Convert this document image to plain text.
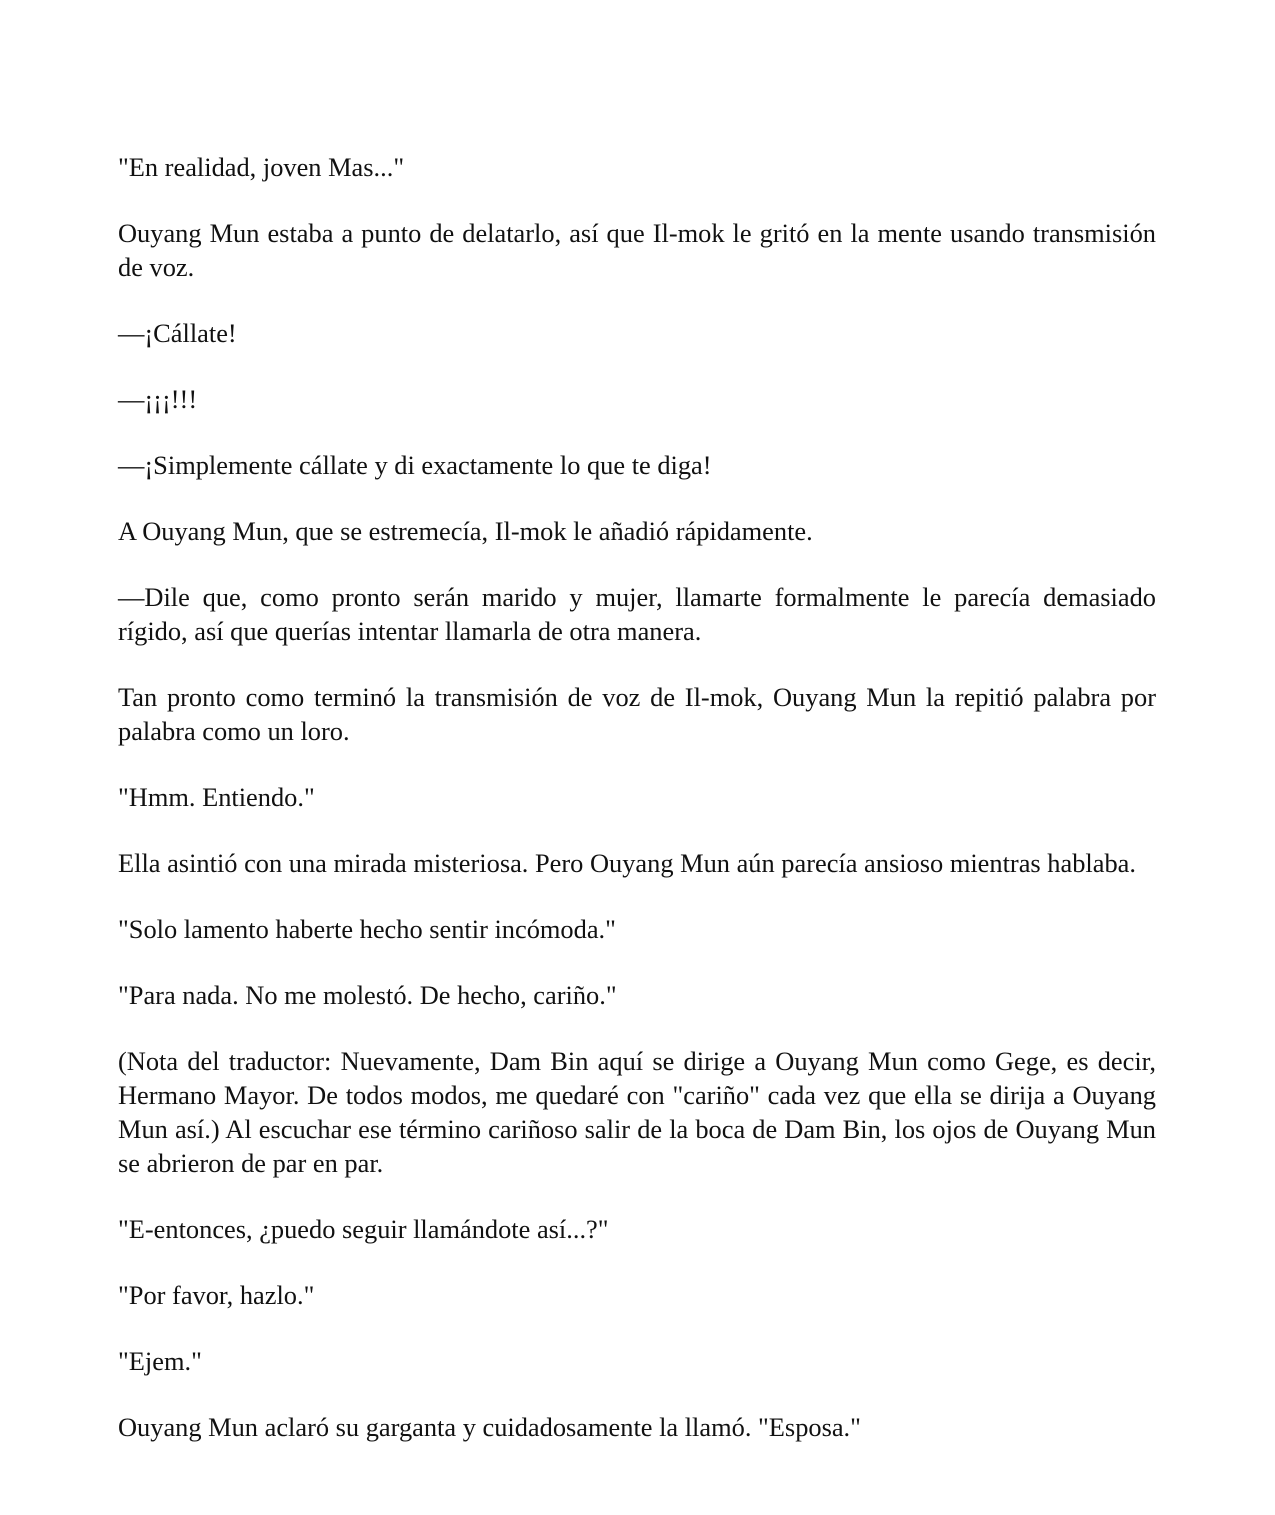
"En realidad, joven Mas..."

Ouyang Mun estaba a punto de delatarlo, así que Il-mok le gritó en la mente usando transmisión de voz.

—¡Cállate!

—¡¡¡!!!

—¡Simplemente cállate y di exactamente lo que te diga!

A Ouyang Mun, que se estremecía, Il-mok le añadió rápidamente.

—Dile que, como pronto serán marido y mujer, llamarte formalmente le parecía demasiado rígido, así que querías intentar llamarla de otra manera.

Tan pronto como terminó la transmisión de voz de Il-mok, Ouyang Mun la repitió palabra por palabra como un loro.

"Hmm. Entiendo."

Ella asintió con una mirada misteriosa. Pero Ouyang Mun aún parecía ansioso mientras hablaba.

"Solo lamento haberte hecho sentir incómoda."

"Para nada. No me molestó. De hecho, cariño."

(Nota del traductor: Nuevamente, Dam Bin aquí se dirige a Ouyang Mun como Gege, es decir, Hermano Mayor. De todos modos, me quedaré con "cariño" cada vez que ella se dirija a Ouyang Mun así.) Al escuchar ese término cariñoso salir de la boca de Dam Bin, los ojos de Ouyang Mun se abrieron de par en par.

"E-entonces, ¿puedo seguir llamándote así...?"

"Por favor, hazlo."

"Ejem."

Ouyang Mun aclaró su garganta y cuidadosamente la llamó. "Esposa."
